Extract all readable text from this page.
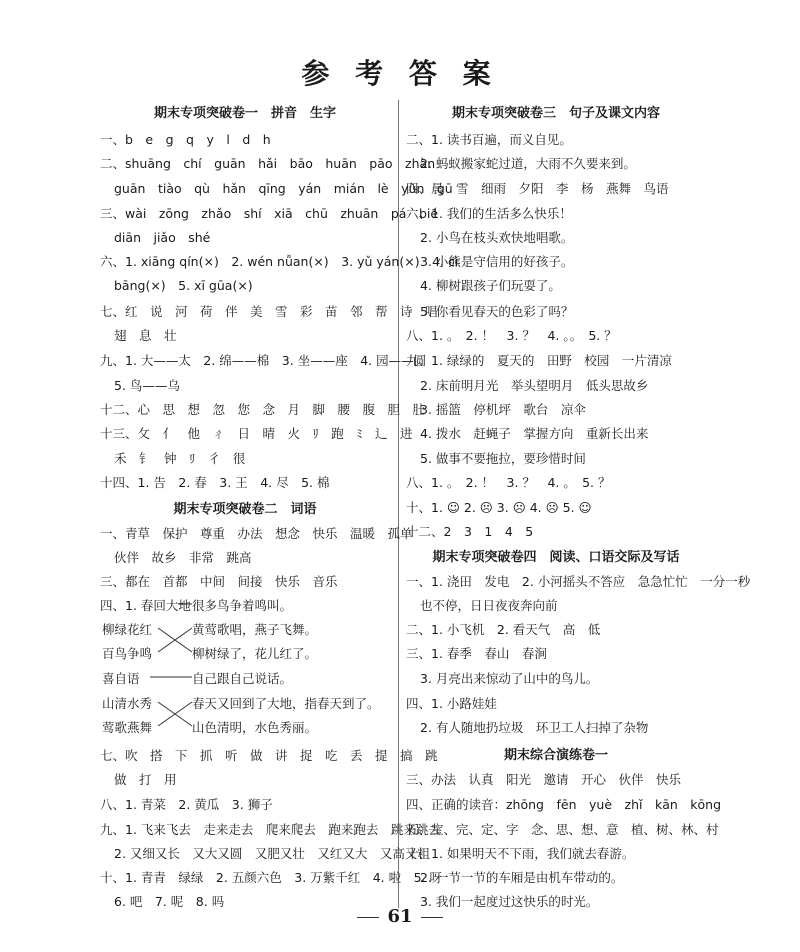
参 考 答 案
期末专项突破卷一　拼音　生字
一、b　e　g　q　y　l　d　h
二、shuāng　chí　guān　hǎi　bāo　huān　pāo　zhàn
guān　tiào　qù　hǎn　qīng　yán　mián　lè　yùn　gū
三、wài　zōng　zhǎo　shí　xiā　chū　zhuān　pá　bié
diān　jiǎo　shé
六、1. xiāng qín(×)　2. wén nǚan(×)　3. yǔ yán(×)　4. cì
bāng(×)　5. xī gūa(×)
七、红　说　河　荷　伴　美　雪　彩　苗　邻　帮　诗　唱
翅　息　壮
九、1. 大——太　2. 绵——棉　3. 坐——座　4. 园——圆
5. 鸟——乌
十二、心　思　想　忽　您　念　月　脚　腰　腹　胆　肚
十三、攵　亻　他　ㄔ　日　晴　火　ﾘ　跑　ﾐ　辶　进
禾　钅　钟　ﾘ　彳　很
十四、1. 告　2. 春　3. 王　4. 尽　5. 棉
期末专项突破卷二　词语
一、青草　保护　尊重　办法　想念　快乐　温暖　孤单
伙伴　故乡　非常　跳高
三、都在　首都　中间　间接　快乐　音乐
四、1. 春回大地
柳绿花红
百鸟争鸣
喜自语
山清水秀
莺歌燕舞
很多鸟争着鸣叫。
黄莺歌唱，燕子飞舞。
柳树绿了，花儿红了。
自己跟自己说话。
春天又回到了大地，指春天到了。
山色清明，水色秀丽。
七、吹　搭　下　抓　听　做　讲　捉　吃　丢　提　搞　跳
做　打　用
八、1. 青菜　2. 黄瓜　3. 狮子
九、1. 飞来飞去　走来走去　爬来爬去　跑来跑去　跳来跳去
2. 又细又长　又大又圆　又肥又壮　又红又大　又高又粗
十、1. 青青　绿绿　2. 五颜六色　3. 万紫千红　4. 啦　5. 呀
6. 吧　7. 呢　8. 吗
期末专项突破卷三　句子及课文内容
二、1. 读书百遍，而义自见。
2. 蚂蚁搬家蛇过道，大雨不久要来到。
四、晨　雪　细雨　夕阳　李　杨　燕舞　鸟语
六、1. 我们的生活多么快乐！
2. 小鸟在枝头欢快地唱歌。
3. 小熊是守信用的好孩子。
4. 柳树跟孩子们玩耍了。
5. 你看见春天的色彩了吗？
八、1. 。　2. ！　3. ？　4. 。。　5. ？
九、1. 绿绿的　夏天的　田野　校园　一片清凉
2. 床前明月光　举头望明月　低头思故乡
3. 摇篮　停机坪　歌台　凉伞
4. 拨水　赶蝇子　掌握方向　重新长出来
5. 做事不要拖拉，要珍惜时间
八、1. 。　2. ！　3. ？　4. 。　5. ？
十、1. ☺ 2. ☹ 3. ☹ 4. ☹ 5. ☺
十二、2　3　1　4　5
期末专项突破卷四　阅读、口语交际及写话
一、1. 浇田　发电　2. 小河摇头不答应　急急忙忙　一分一秒
也不停，日日夜夜奔向前
二、1. 小飞机　2. 看天气　高　低
三、1. 春季　春山　春涧
3. 月亮出来惊动了山中的鸟儿。
四、1. 小路娃娃
2. 有人随地扔垃圾　环卫工人扫掉了杂物
期末综合演练卷一
三、办法　认真　阳光　邀请　开心　伙伴　快乐
四、正确的读音：zhōng　fēn　yuè　zhǐ　kān　kōng
五、宝、完、定、字　念、思、想、意　植、树、林、村
十、1. 如果明天不下雨，我们就去春游。
2. 一节一节的车厢是由机车带动的。
3. 我们一起度过这快乐的时光。
61
